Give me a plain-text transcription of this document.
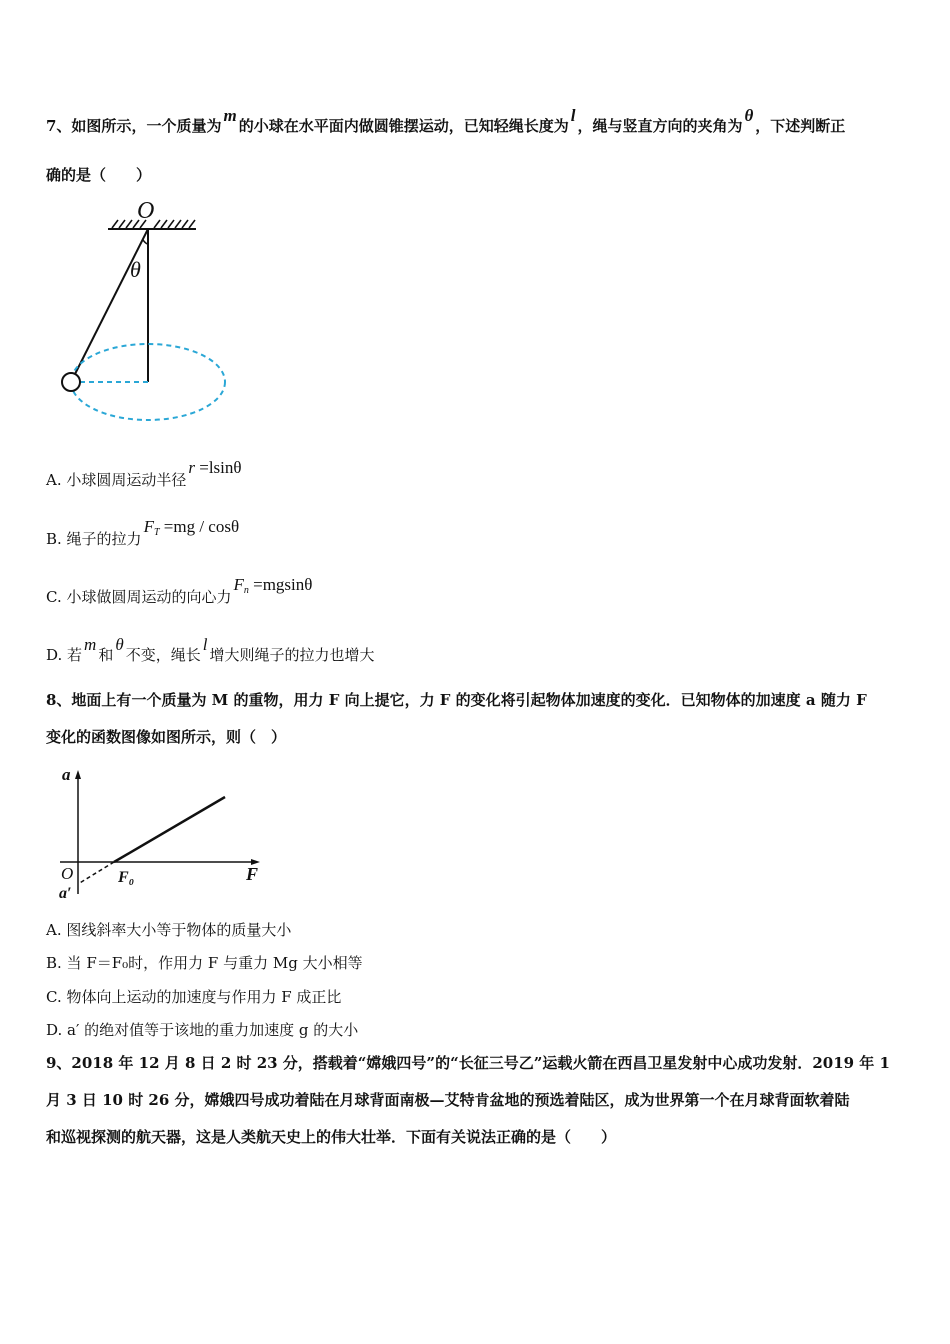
7、如图所示，一个质量为m的小球在水平面内做圆锥摆运动，已知轻绳长度为l，绳与竖直方向的夹角为θ，下述判断正
确的是（　　）
O
θ
A. 小球圆周运动半径r =lsinθ
B. 绳子的拉力$F_T =mg / \cos\theta$
C. 小球做圆周运动的向心力$F_n =mgsin\theta$
D. 若m和θ不变，绳长l增大则绳子的拉力也增大
8、地面上有一个质量为 M 的重物，用力 F 向上提它，力 F 的变化将引起物体加速度的变化．已知物体的加速度 a 随力 F
变化的函数图像如图所示，则（　）
a
O
a′
F₀	F
A. 图线斜率大小等于物体的质量大小
B. 当 F＝F₀时，作用力 F 与重力 Mg 大小相等
C. 物体向上运动的加速度与作用力 F 成正比
D. a′ 的绝对值等于该地的重力加速度 g 的大小
9、2018 年 12 月 8 日 2 时 23 分，搭载着“嫦娥四号”的“长征三号乙”运载火箭在西昌卫星发射中心成功发射．2019 年 1
月 3 日 10 时 26 分，嫦娥四号成功着陆在月球背面南极—艾特肯盆地的预选着陆区，成为世界第一个在月球背面软着陆
和巡视探测的航天器，这是人类航天史上的伟大壮举．下面有关说法正确的是（　　）
